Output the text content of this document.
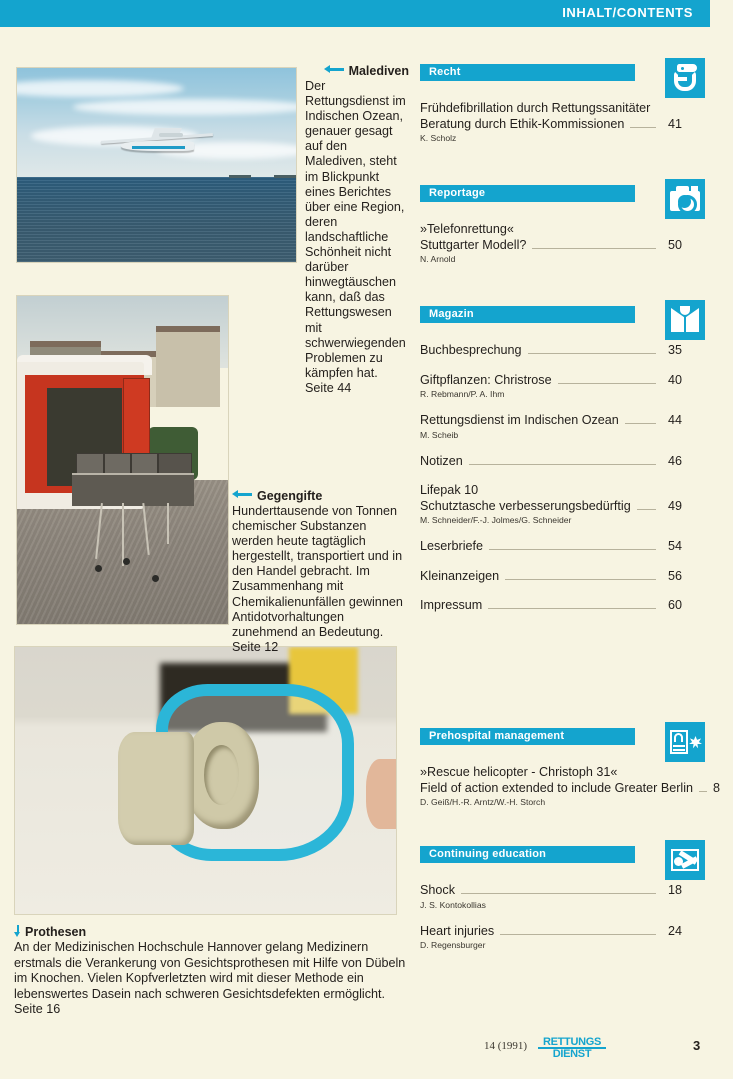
INHALT/CONTENTS
Malediven
Der Rettungsdienst im Indischen Ozean, genauer gesagt auf den Malediven, steht im Blickpunkt eines Berichtes über eine Region, deren landschaftliche Schönheit nicht darüber hinwegtäuschen kann, daß das Rettungswesen mit schwerwiegenden Problemen zu kämpfen hat. Seite 44
Gegengifte
Hunderttausende von Tonnen chemischer Substanzen werden heute tagtäglich hergestellt, transportiert und in den Handel gebracht. Im Zusammenhang mit Chemikalienunfällen gewinnen Antidotvorhaltungen zunehmend an Bedeutung. Seite 12
Prothesen
An der Medizinischen Hochschule Hannover gelang Medizinern erstmals die Verankerung von Gesichtsprothesen mit Hilfe von Dübeln im Knochen. Vielen Kopfverletzten wird mit dieser Methode ein lebenswertes Dasein nach schweren Gesichtsdefekten ermöglicht. Seite 16
Recht
Frühdefibrillation durch Rettungssanitäter
Beratung durch Ethik-Kommissionen	41
K. Scholz
Reportage
»Telefonrettung«
Stuttgarter Modell?	50
N. Arnold
Magazin
Buchbesprechung	35
Giftpflanzen: Christrose	40
R. Rebmann/P. A. Ihm
Rettungsdienst im Indischen Ozean	44
M. Scheib
Notizen	46
Lifepak 10
Schutztasche verbesserungsbedürftig	49
M. Schneider/F.-J. Jolmes/G. Schneider
Leserbriefe	54
Kleinanzeigen	56
Impressum	60
Prehospital management
»Rescue helicopter - Christoph 31«
Field of action extended to include Greater Berlin 8
D. Geiß/H.-R. Arntz/W.-H. Storch
Continuing education
Shock	18
J. S. Kontokollias
Heart injuries	24
D. Regensburger
14 (1991)	RETTUNGS
DIENST
3
